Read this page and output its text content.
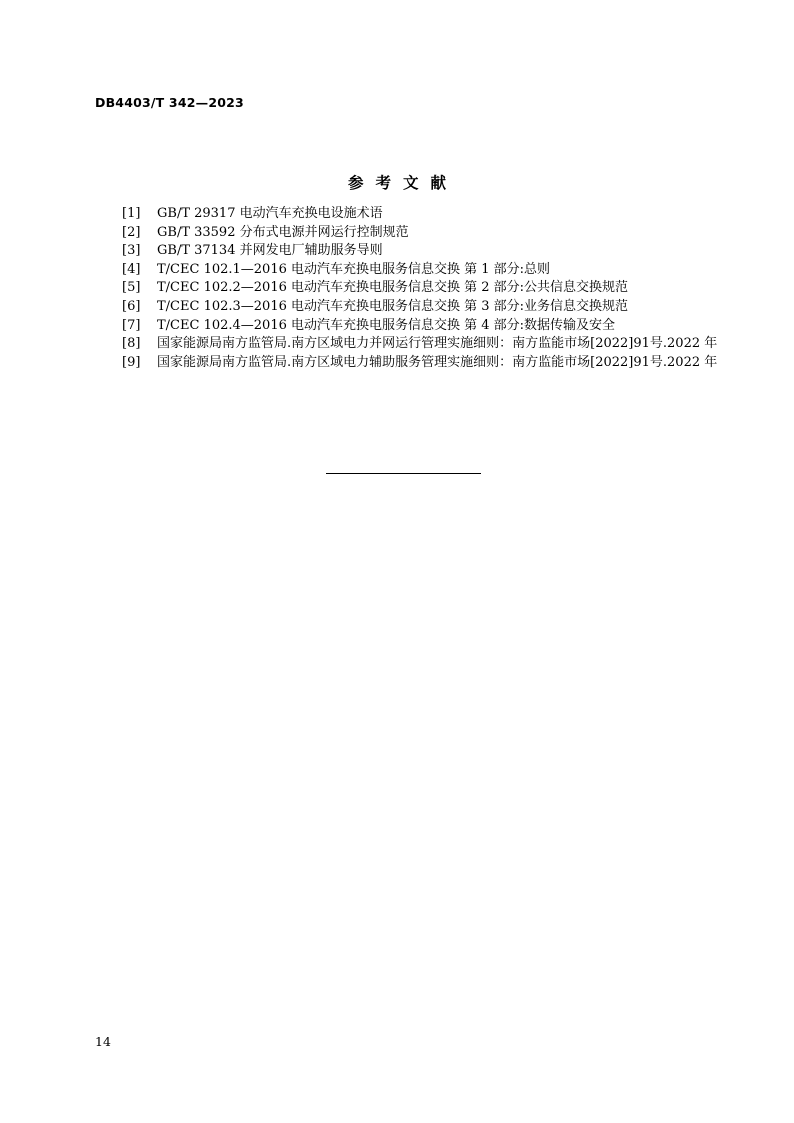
DB4403/T 342—2023
参考文献
[1] GB/T 29317 电动汽车充换电设施术语
[2] GB/T 33592 分布式电源并网运行控制规范
[3] GB/T 37134 并网发电厂辅助服务导则
[4] T/CEC 102.1—2016 电动汽车充换电服务信息交换 第 1 部分:总则
[5] T/CEC 102.2—2016 电动汽车充换电服务信息交换 第 2 部分:公共信息交换规范
[6] T/CEC 102.3—2016 电动汽车充换电服务信息交换 第 3 部分:业务信息交换规范
[7] T/CEC 102.4—2016 电动汽车充换电服务信息交换 第 4 部分:数据传输及安全
[8] 国家能源局南方监管局.南方区域电力并网运行管理实施细则：南方监能市场[2022]91号.2022 年
[9] 国家能源局南方监管局.南方区域电力辅助服务管理实施细则：南方监能市场[2022]91号.2022 年
14
